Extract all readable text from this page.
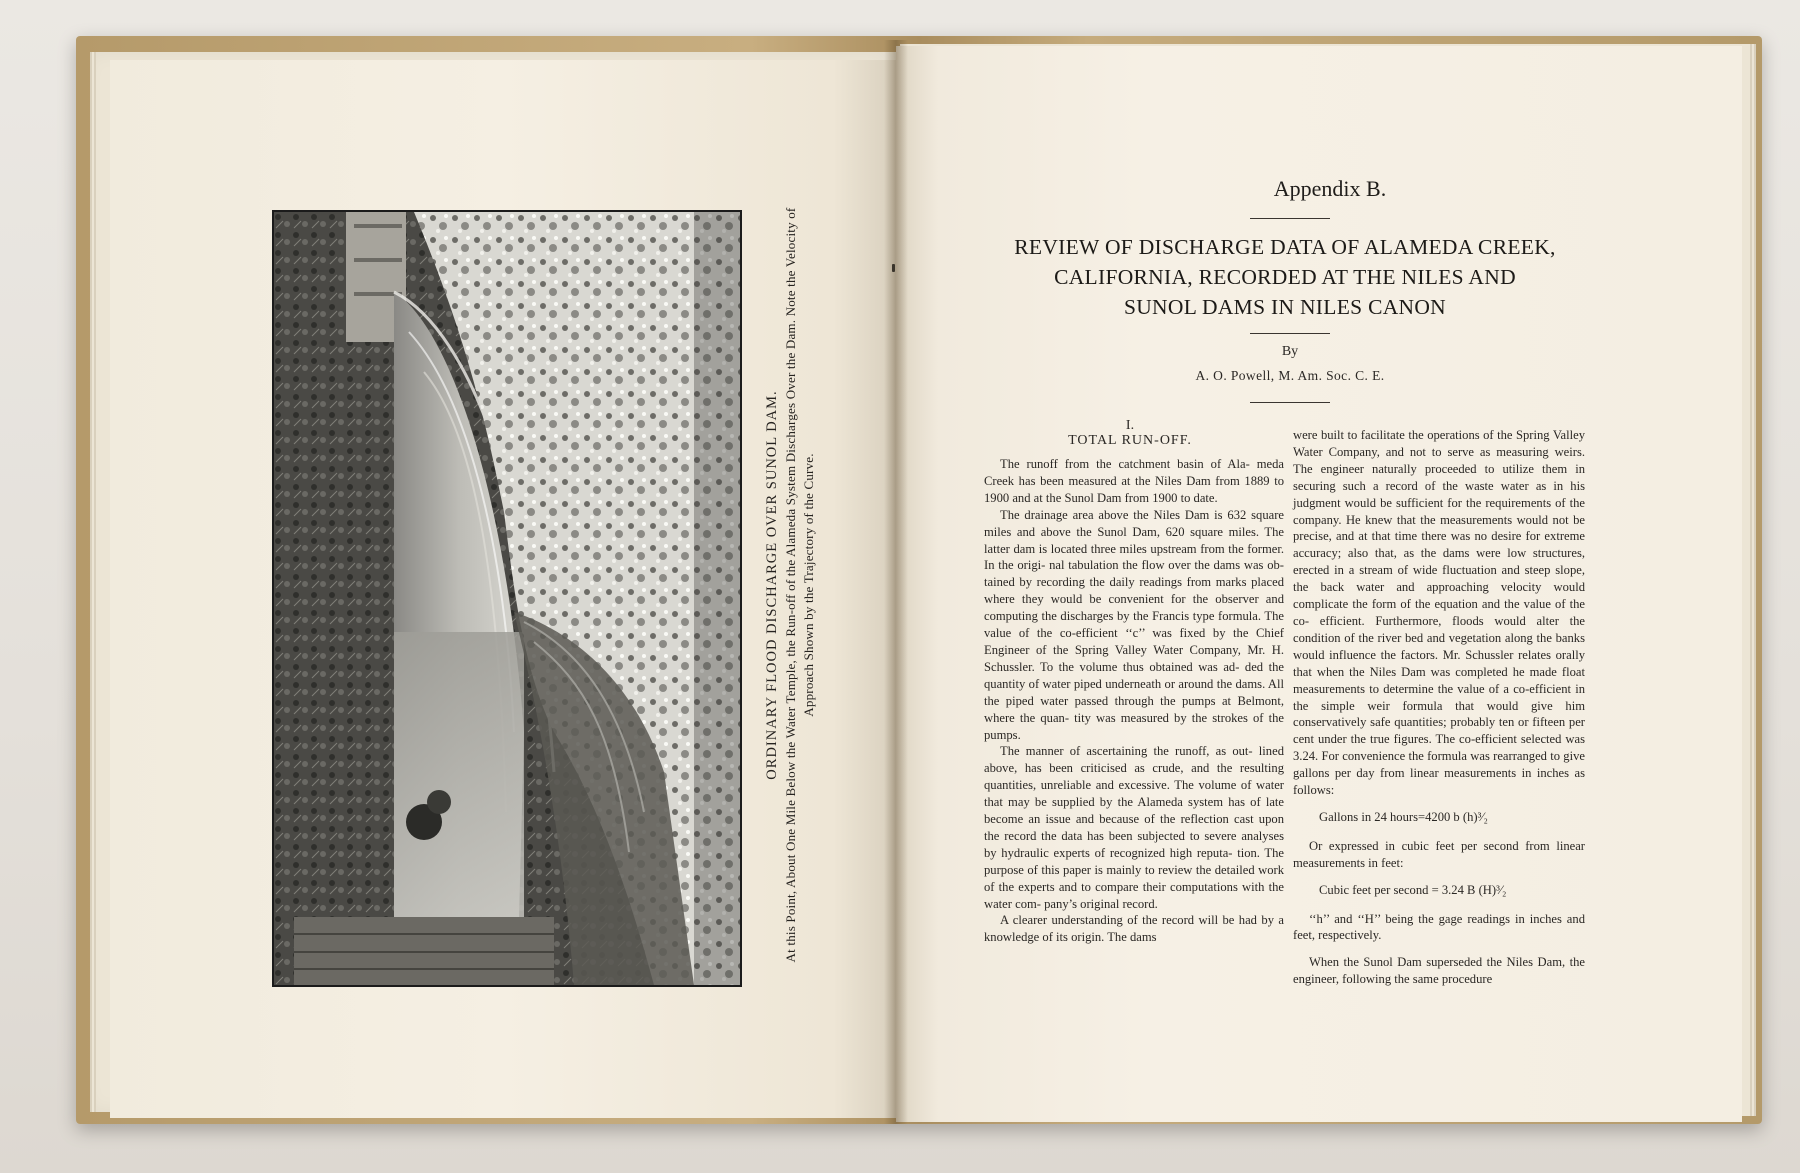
ORDINARY FLOOD DISCHARGE OVER SUNOL DAM. At this Point, About One Mile Below the Water Temple, the Run-off of the Alameda System Discharges Over the Dam. Note the Velocity of Approach Shown by the Trajectory of the Curve.
Appendix B.
REVIEW OF DISCHARGE DATA OF ALAMEDA CREEK,
CALIFORNIA, RECORDED AT THE NILES AND
SUNOL DAMS IN NILES CANON
By
A. O. Powell, M. Am. Soc. C. E.
I.
TOTAL RUN-OFF.

The runoff from the catchment basin of Ala- meda Creek has been measured at the Niles Dam from 1889 to 1900 and at the Sunol Dam from 1900 to date.

The drainage area above the Niles Dam is 632 square miles and above the Sunol Dam, 620 square miles. The latter dam is located three miles upstream from the former. In the origi- nal tabulation the flow over the dams was ob- tained by recording the daily readings from marks placed where they would be convenient for the observer and computing the discharges by the Francis type formula. The value of the co-efficient ‘‘c’’ was fixed by the Chief Engineer of the Spring Valley Water Company, Mr. H. Schussler. To the volume thus obtained was ad- ded the quantity of water piped underneath or around the dams. All the piped water passed through the pumps at Belmont, where the quan- tity was measured by the strokes of the pumps.

The manner of ascertaining the runoff, as out- lined above, has been criticised as crude, and the resulting quantities, unreliable and excessive. The volume of water that may be supplied by the Alameda system has of late become an issue and because of the reflection cast upon the record the data has been subjected to severe analyses by hydraulic experts of recognized high reputa- tion. The purpose of this paper is mainly to review the detailed work of the experts and to compare their computations with the water com- pany’s original record.

A clearer understanding of the record will be had by a knowledge of its origin. The dams

were built to facilitate the operations of the Spring Valley Water Company, and not to serve as measuring weirs. The engineer naturally proceeded to utilize them in securing such a record of the waste water as in his judgment would be sufficient for the requirements of the company. He knew that the measurements would not be precise, and at that time there was no desire for extreme accuracy; also that, as the dams were low structures, erected in a stream of wide fluctuation and steep slope, the back water and approaching velocity would complicate the form of the equation and the value of the co- efficient. Furthermore, floods would alter the condition of the river bed and vegetation along the banks would influence the factors. Mr. Schussler relates orally that when the Niles Dam was completed he made float measurements to determine the value of a co-efficient in the simple weir formula that would give him conservatively safe quantities; probably ten or fifteen per cent under the true figures. The co-efficient selected was 3.24. For convenience the formula was rearranged to give gallons per day from linear measurements in inches as follows:

Gallons in 24 hours=4200 b (h)³⁄₂

Or expressed in cubic feet per second from linear measurements in feet:

Cubic feet per second = 3.24 B (H)³⁄₂

‘‘h’’ and ‘‘H’’ being the gage readings in inches and feet, respectively.

When the Sunol Dam superseded the Niles Dam, the engineer, following the same procedure
